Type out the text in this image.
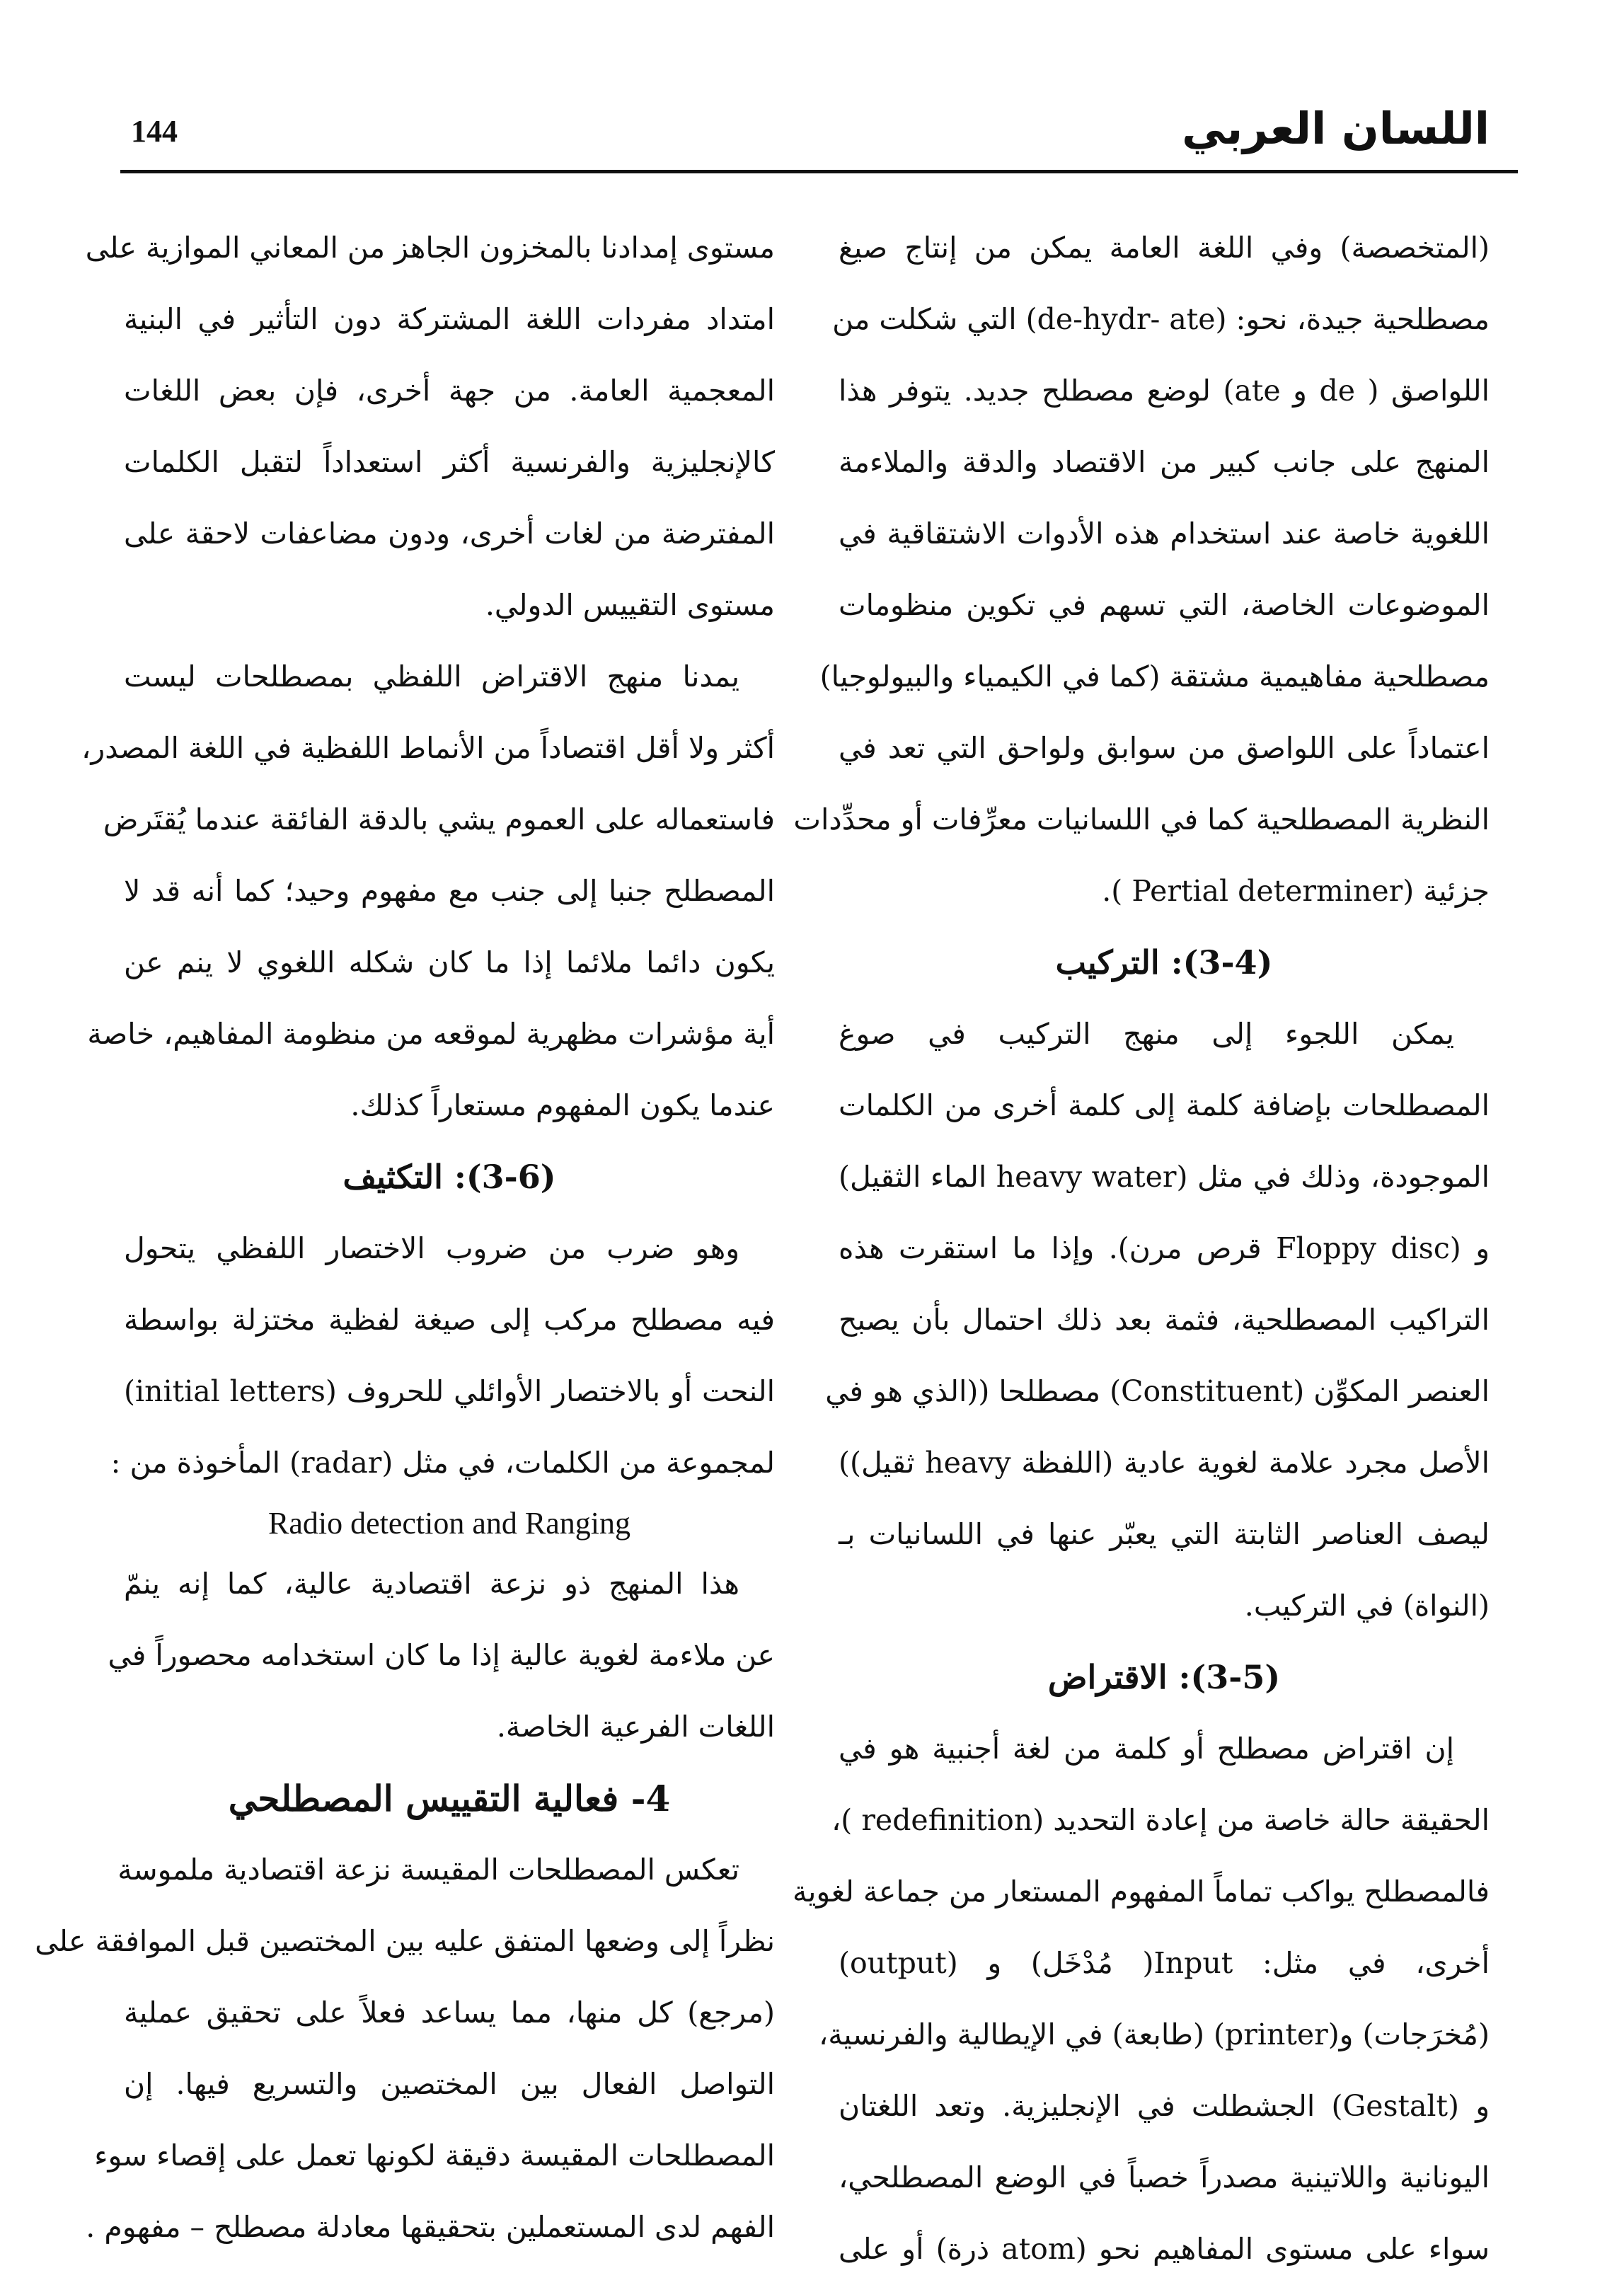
144	اللسان العربي
(المتخصصة) وفي اللغة العامة يمكن من إنتاج صيغ
مصطلحية جيدة، نحو: (de-hydr- ate) التي شكلت من
اللواصق ( de و ate) لوضع مصطلح جديد. يتوفر هذا
المنهج على جانب كبير من الاقتصاد والدقة والملاءمة
اللغوية خاصة عند استخدام هذه الأدوات الاشتقاقية في
الموضوعات الخاصة، التي تسهم في تكوين منظومات
مصطلحية مفاهيمية مشتقة (كما في الكيمياء والبيولوجيا)
اعتماداً على اللواصق من سوابق ولواحق التي تعد في
النظرية المصطلحية كما في اللسانيات معرِّفات أو محدِّدات
جزئية (Pertial determiner ).
(3-4): التركيب
يمكن اللجوء إلى منهج التركيب في صوغ
المصطلحات بإضافة كلمة إلى كلمة أخرى من الكلمات
الموجودة، وذلك في مثل (heavy water الماء الثقيل)
و (Floppy disc قرص مرن). وإذا ما استقرت هذه
التراكيب المصطلحية، فثمة بعد ذلك احتمال بأن يصبح
العنصر المكوِّن (Constituent) مصطلحا ((الذي هو في
الأصل مجرد علامة لغوية عادية (اللفظة heavy ثقيل))
ليصف العناصر الثابتة التي يعبّر عنها في اللسانيات بـ
(النواة) في التركيب.
(3-5): الاقتراض
إن اقتراض مصطلح أو كلمة من لغة أجنبية هو في
الحقيقة حالة خاصة من إعادة التحديد (redefinition )،
فالمصطلح يواكب تماماً المفهوم المستعار من جماعة لغوية
أخرى، في مثل: Input( مُدْخَل) و (output)
(مُخرَجات) و(printer) (طابعة) في الإيطالية والفرنسية،
و (Gestalt) الجشطلت في الإنجليزية. وتعد اللغتان
اليونانية واللاتينية مصدراً خصباً في الوضع المصطلحي،
سواء على مستوى المفاهيم نحو (atom ذرة) أو على
مستوى إمدادنا بالمخزون الجاهز من المعاني الموازية على
امتداد مفردات اللغة المشتركة دون التأثير في البنية
المعجمية العامة. من جهة أخرى، فإن بعض اللغات
كالإنجليزية والفرنسية أكثر استعداداً لتقبل الكلمات
المفترضة من لغات أخرى، ودون مضاعفات لاحقة على
مستوى التقييس الدولي.
يمدنا منهج الاقتراض اللفظي بمصطلحات ليست
أكثر ولا أقل اقتصاداً من الأنماط اللفظية في اللغة المصدر،
فاستعماله على العموم يشي بالدقة الفائقة عندما يُقتَرض
المصطلح جنبا إلى جنب مع مفهوم وحيد؛ كما أنه قد لا
يكون دائما ملائما إذا ما كان شكله اللغوي لا ينم عن
أية مؤشرات مظهرية لموقعه من منظومة المفاهيم، خاصة
عندما يكون المفهوم مستعاراً كذلك.
(3-6): التكثيف
وهو ضرب من ضروب الاختصار اللفظي يتحول
فيه مصطلح مركب إلى صيغة لفظية مختزلة بواسطة
النحت أو بالاختصار الأوائلي للحروف (initial letters)
لمجموعة من الكلمات، في مثل (radar) المأخوذة من :
Radio detection and Ranging
هذا المنهج ذو نزعة اقتصادية عالية، كما إنه ينمّ
عن ملاءمة لغوية عالية إذا ما كان استخدامه محصوراً في
اللغات الفرعية الخاصة.
4- فعالية التقييس المصطلحي
تعكس المصطلحات المقيسة نزعة اقتصادية ملموسة
نظراً إلى وضعها المتفق عليه بين المختصين قبل الموافقة على
(مرجع) كل منها، مما يساعد فعلاً على تحقيق عملية
التواصل الفعال بين المختصين والتسريع فيها. إن
المصطلحات المقيسة دقيقة لكونها تعمل على إقصاء سوء
الفهم لدى المستعملين بتحقيقها معادلة مصطلح – مفهوم .
